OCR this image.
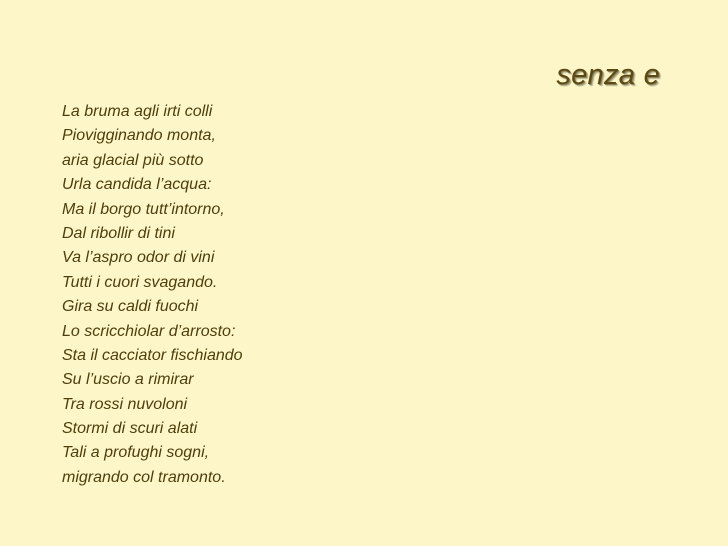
senza e
La bruma agli irti colli
Piovigginando monta,
aria glacial più sotto
Urla candida l’acqua:
Ma il borgo tutt’intorno,
Dal ribollir di tini
Va l’aspro odor di vini
Tutti i cuori svagando.
Gira su caldi fuochi
Lo scricchiolar d’arrosto:
Sta il cacciator fischiando
Su l’uscio a rimirar
Tra rossi nuvoloni
Stormi di scuri alati
Tali a profughi sogni,
migrando col tramonto.
